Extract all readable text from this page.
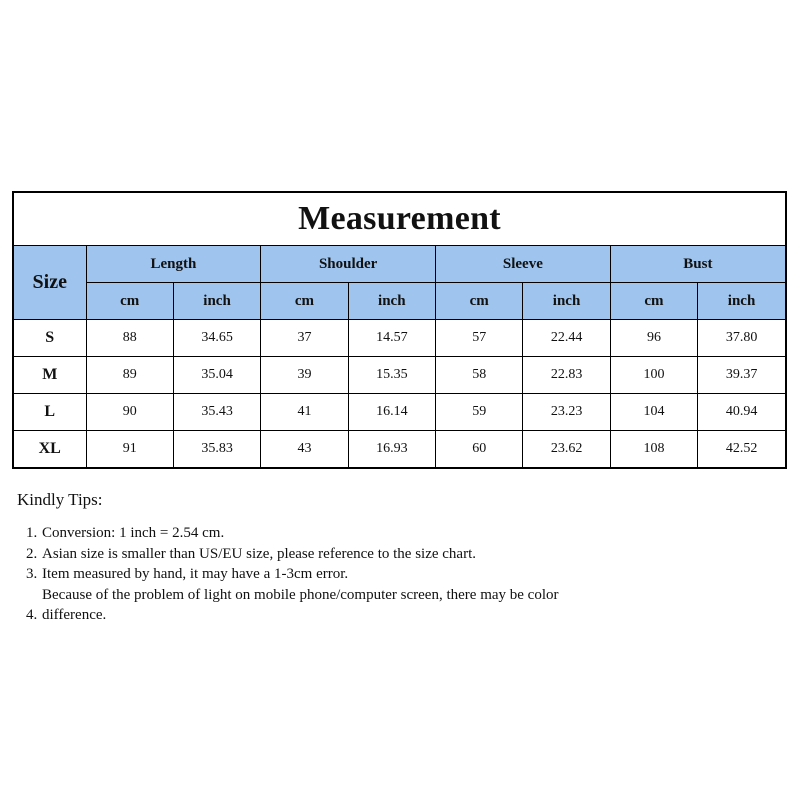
Measurement
Size	Length		Shoulder		Sleeve		Bust	
	cm	inch	cm	inch	cm	inch	cm	inch
S	88	34.65	37	14.57	57	22.44	96	37.80
M	89	35.04	39	15.35	58	22.83	100	39.37
L	90	35.43	41	16.14	59	23.23	104	40.94
XL	91	35.83	43	16.93	60	23.62	108	42.52
Kindly Tips:
1. Conversion: 1 inch = 2.54 cm.
2. Asian size is smaller than US/EU size, please reference to the size chart.
3. Item measured by hand, it may have a 1-3cm error.
4. Because of the problem of light on mobile phone/computer screen, there may be color difference.
